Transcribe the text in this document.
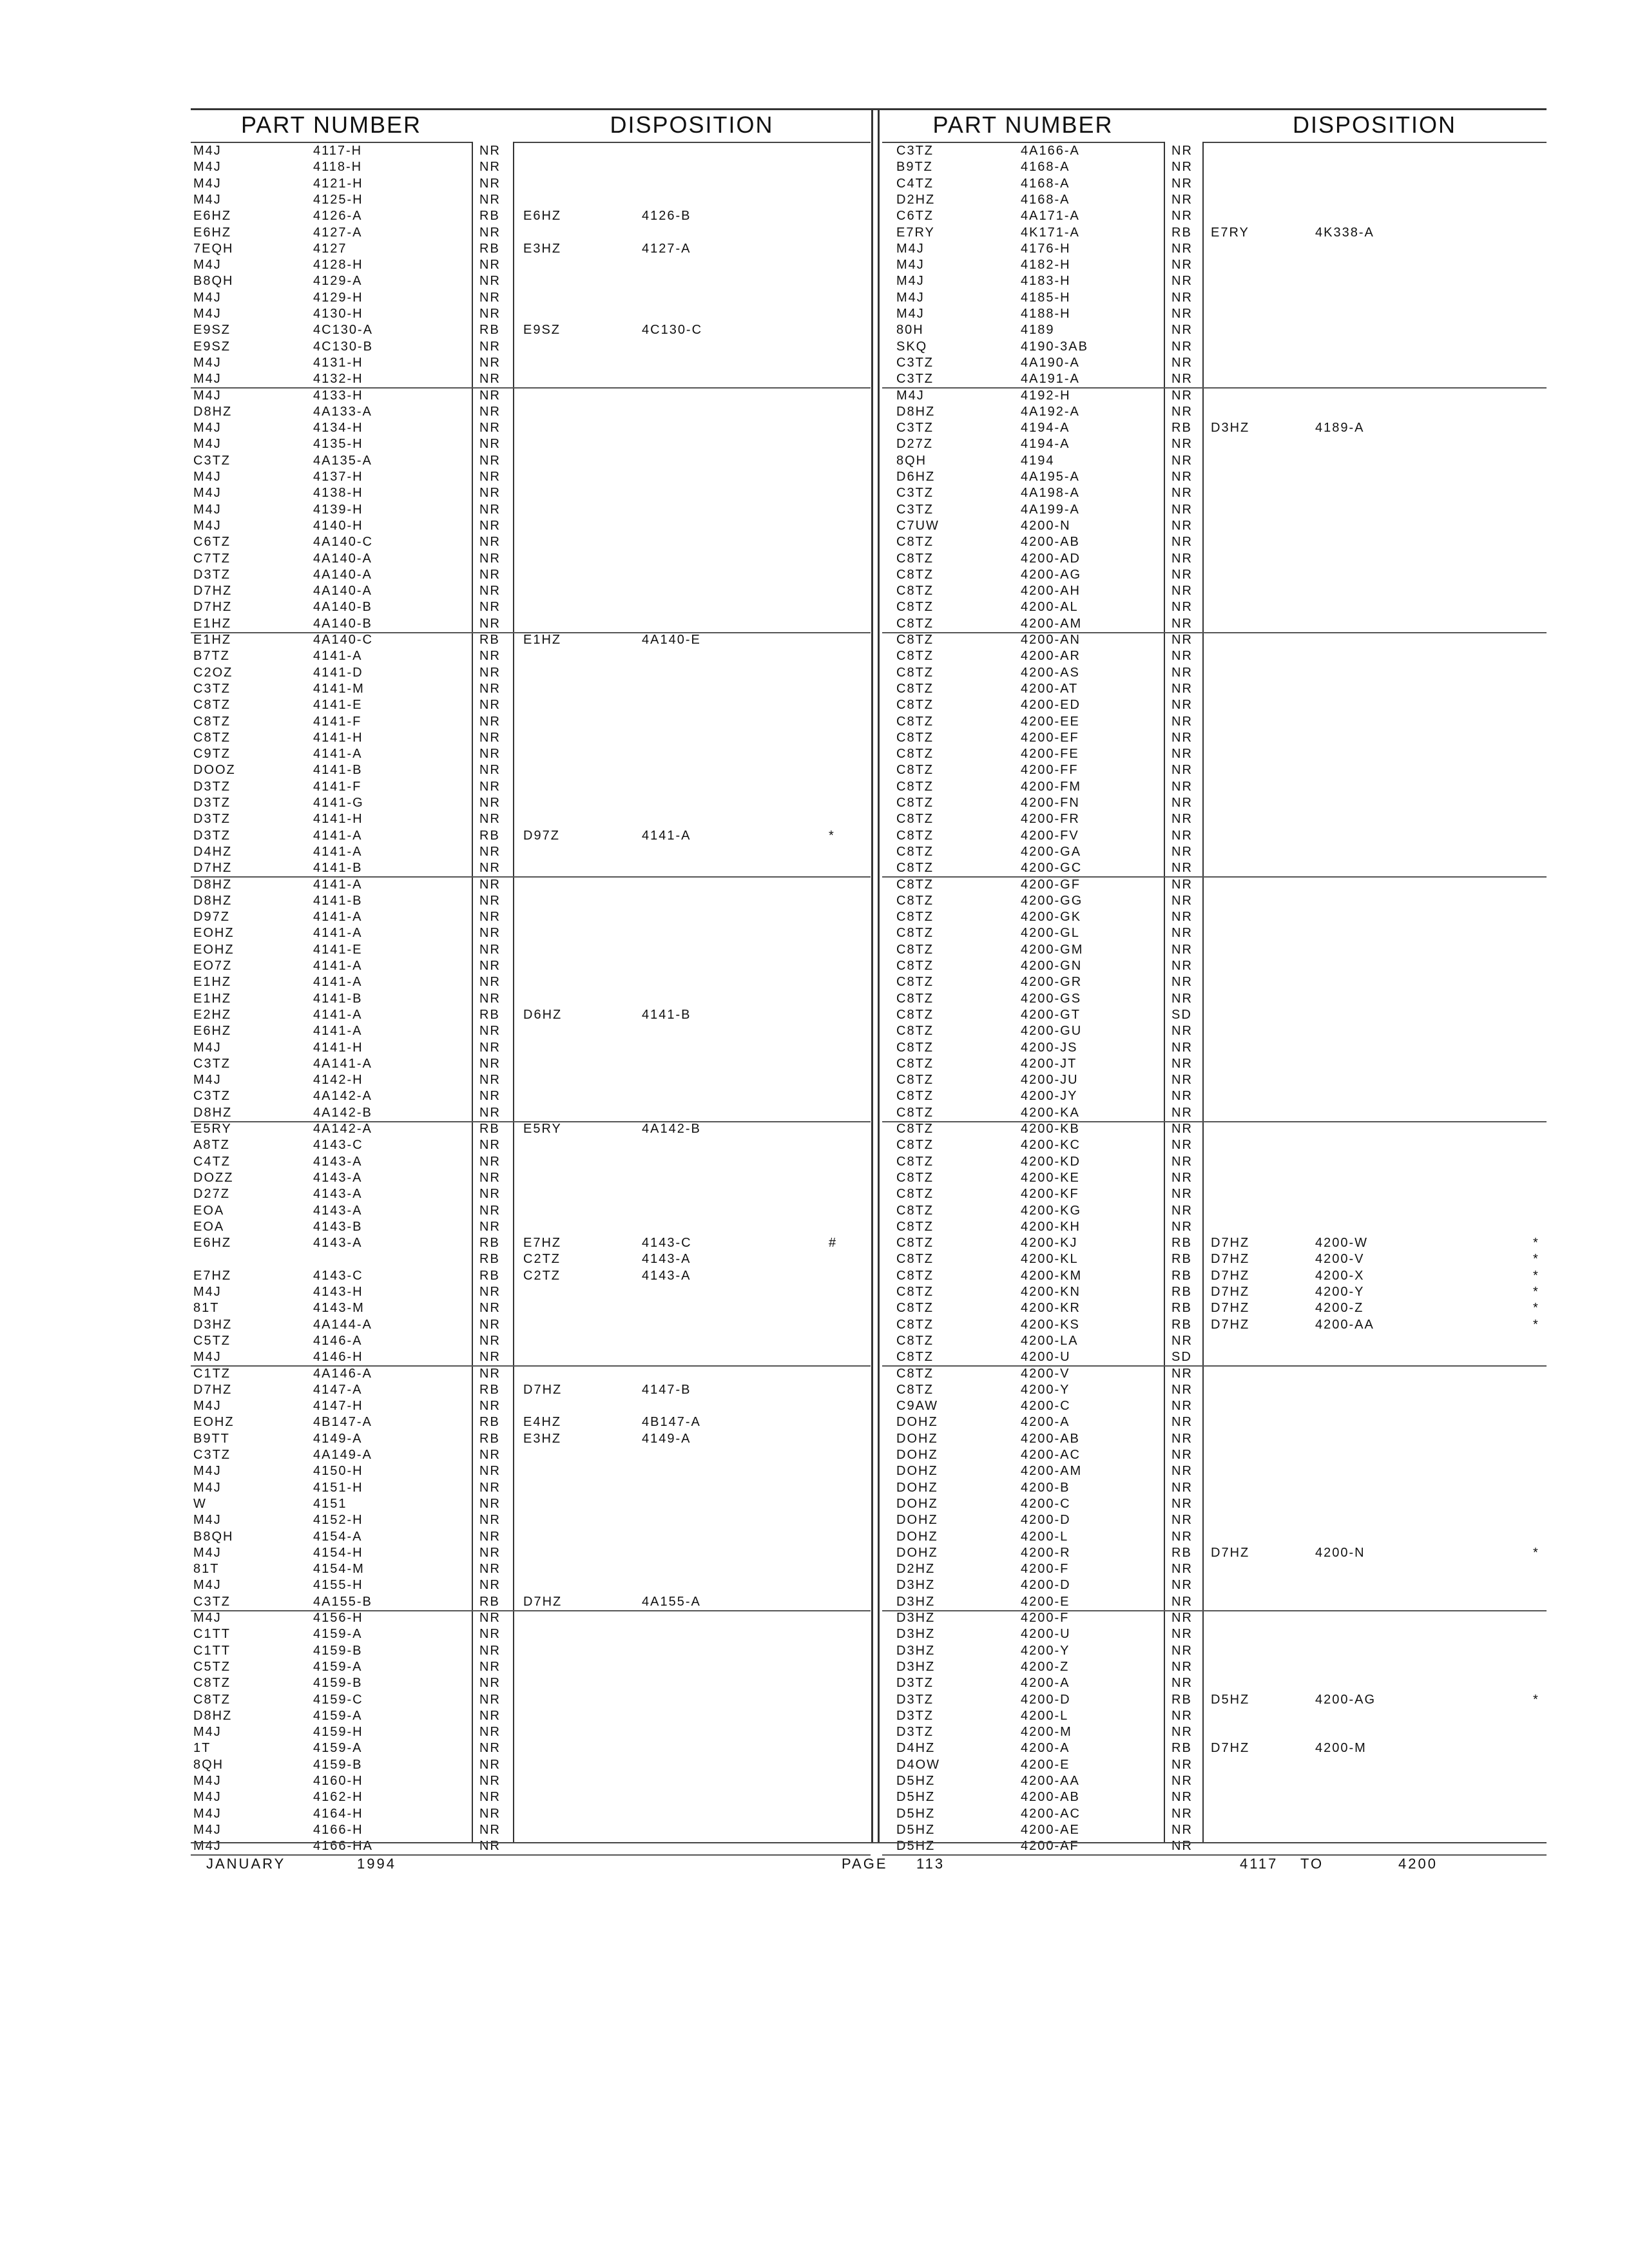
PART NUMBER	DISPOSITION
M4J	4117-H	NR
M4J	4118-H	NR
M4J	4121-H	NR
M4J	4125-H	NR
E6HZ	4126-A	RB E6HZ	4126-B
E6HZ	4127-A	NR
7EQH	4127	RB E3HZ	4127-A
M4J	4128-H	NR
B8QH	4129-A	NR
M4J	4129-H	NR
M4J	4130-H	NR
E9SZ	4C130-A	RB E9SZ	4C130-C
E9SZ	4C130-B	NR
M4J	4131-H	NR
M4J	4132-H	NR
M4J	4133-H	NR
D8HZ	4A133-A	NR
M4J	4134-H	NR
M4J	4135-H	NR
C3TZ	4A135-A	NR
M4J	4137-H	NR
M4J	4138-H	NR
M4J	4139-H	NR
M4J	4140-H	NR
C6TZ	4A140-C	NR
C7TZ	4A140-A	NR
D3TZ	4A140-A	NR
D7HZ	4A140-A	NR
D7HZ	4A140-B	NR
E1HZ	4A140-B	NR
E1HZ	4A140-C	RB E1HZ	4A140-E
B7TZ	4141-A	NR
C2OZ	4141-D	NR
C3TZ	4141-M	NR
C8TZ	4141-E	NR
C8TZ	4141-F	NR
C8TZ	4141-H	NR
C9TZ	4141-A	NR
DOOZ	4141-B	NR
D3TZ	4141-F	NR
D3TZ	4141-G	NR
D3TZ	4141-H	NR
D3TZ	4141-A	RB D97Z	4141-A	*
D4HZ	4141-A	NR
D7HZ	4141-B	NR
D8HZ	4141-A	NR
D8HZ	4141-B	NR
D97Z	4141-A	NR
EOHZ	4141-A	NR
EOHZ	4141-E	NR
EO7Z	4141-A	NR
E1HZ	4141-A	NR
E1HZ	4141-B	NR
E2HZ	4141-A	RB D6HZ	4141-B
E6HZ	4141-A	NR
M4J	4141-H	NR
C3TZ	4A141-A	NR
M4J	4142-H	NR
C3TZ	4A142-A	NR
D8HZ	4A142-B	NR
E5RY	4A142-A	RB E5RY	4A142-B
A8TZ	4143-C	NR
C4TZ	4143-A	NR
DOZZ	4143-A	NR
D27Z	4143-A	NR
EOA	4143-A	NR
EOA	4143-B	NR
E6HZ	4143-A	RB E7HZ	4143-C	#
RB C2TZ	4143-A
E7HZ	4143-C	RB C2TZ	4143-A
M4J	4143-H	NR
81T	4143-M	NR
D3HZ	4A144-A	NR
C5TZ	4146-A	NR
M4J	4146-H	NR
C1TZ	4A146-A	NR
D7HZ	4147-A	RB D7HZ	4147-B
M4J	4147-H	NR
EOHZ	4B147-A	RB E4HZ	4B147-A
B9TT	4149-A	RB E3HZ	4149-A
C3TZ	4A149-A	NR
M4J	4150-H	NR
M4J	4151-H	NR
W	4151	NR
M4J	4152-H	NR
B8QH	4154-A	NR
M4J	4154-H	NR
81T	4154-M	NR
M4J	4155-H	NR
C3TZ	4A155-B	RB D7HZ	4A155-A
M4J	4156-H	NR
C1TT	4159-A	NR
C1TT	4159-B	NR
C5TZ	4159-A	NR
C8TZ	4159-B	NR
C8TZ	4159-C	NR
D8HZ	4159-A	NR
M4J	4159-H	NR
1T	4159-A	NR
8QH	4159-B	NR
M4J	4160-H	NR
M4J	4162-H	NR
M4J	4164-H	NR
M4J	4166-H	NR
M4J	4166-HA	NR
PART NUMBER	DISPOSITION
C3TZ	4A166-A	NR
B9TZ	4168-A	NR
C4TZ	4168-A	NR
D2HZ	4168-A	NR
C6TZ	4A171-A	NR
E7RY	4K171-A	RB E7RY	4K338-A
M4J	4176-H	NR
M4J	4182-H	NR
M4J	4183-H	NR
M4J	4185-H	NR
M4J	4188-H	NR
80H	4189	NR
SKQ	4190-3AB	NR
C3TZ	4A190-A	NR
C3TZ	4A191-A	NR
M4J	4192-H	NR
D8HZ	4A192-A	NR
C3TZ	4194-A	RB D3HZ	4189-A
D27Z	4194-A	NR
8QH	4194	NR
D6HZ	4A195-A	NR
C3TZ	4A198-A	NR
C3TZ	4A199-A	NR
C7UW	4200-N	NR
C8TZ	4200-AB	NR
C8TZ	4200-AD	NR
C8TZ	4200-AG	NR
C8TZ	4200-AH	NR
C8TZ	4200-AL	NR
C8TZ	4200-AM	NR
C8TZ	4200-AN	NR
C8TZ	4200-AR	NR
C8TZ	4200-AS	NR
C8TZ	4200-AT	NR
C8TZ	4200-ED	NR
C8TZ	4200-EE	NR
C8TZ	4200-EF	NR
C8TZ	4200-FE	NR
C8TZ	4200-FF	NR
C8TZ	4200-FM	NR
C8TZ	4200-FN	NR
C8TZ	4200-FR	NR
C8TZ	4200-FV	NR
C8TZ	4200-GA	NR
C8TZ	4200-GC	NR
C8TZ	4200-GF	NR
C8TZ	4200-GG	NR
C8TZ	4200-GK	NR
C8TZ	4200-GL	NR
C8TZ	4200-GM	NR
C8TZ	4200-GN	NR
C8TZ	4200-GR	NR
C8TZ	4200-GS	NR
C8TZ	4200-GT	SD
C8TZ	4200-GU	NR
C8TZ	4200-JS	NR
C8TZ	4200-JT	NR
C8TZ	4200-JU	NR
C8TZ	4200-JY	NR
C8TZ	4200-KA	NR
C8TZ	4200-KB	NR
C8TZ	4200-KC	NR
C8TZ	4200-KD	NR
C8TZ	4200-KE	NR
C8TZ	4200-KF	NR
C8TZ	4200-KG	NR
C8TZ	4200-KH	NR
C8TZ	4200-KJ	RB D7HZ	4200-W	*
C8TZ	4200-KL	RB D7HZ	4200-V	*
C8TZ	4200-KM	RB D7HZ	4200-X	*
C8TZ	4200-KN	RB D7HZ	4200-Y	*
C8TZ	4200-KR	RB D7HZ	4200-Z	*
C8TZ	4200-KS	RB D7HZ	4200-AA	*
C8TZ	4200-LA	NR
C8TZ	4200-U	SD
C8TZ	4200-V	NR
C8TZ	4200-Y	NR
C9AW	4200-C	NR
DOHZ	4200-A	NR
DOHZ	4200-AB	NR
DOHZ	4200-AC	NR
DOHZ	4200-AM	NR
DOHZ	4200-B	NR
DOHZ	4200-C	NR
DOHZ	4200-D	NR
DOHZ	4200-L	NR
DOHZ	4200-R	RB D7HZ	4200-N	*
D2HZ	4200-F	NR
D3HZ	4200-D	NR
D3HZ	4200-E	NR
D3HZ	4200-F	NR
D3HZ	4200-U	NR
D3HZ	4200-Y	NR
D3HZ	4200-Z	NR
D3TZ	4200-A	NR
D3TZ	4200-D	RB D5HZ	4200-AG	*
D3TZ	4200-L	NR
D3TZ	4200-M	NR
D4HZ	4200-A	RB D7HZ	4200-M
D4OW	4200-E	NR
D5HZ	4200-AA	NR
D5HZ	4200-AB	NR
D5HZ	4200-AC	NR
D5HZ	4200-AE	NR
D5HZ	4200-AF	NR
JANUARY	1994	PAGE 113	4117 TO	4200
